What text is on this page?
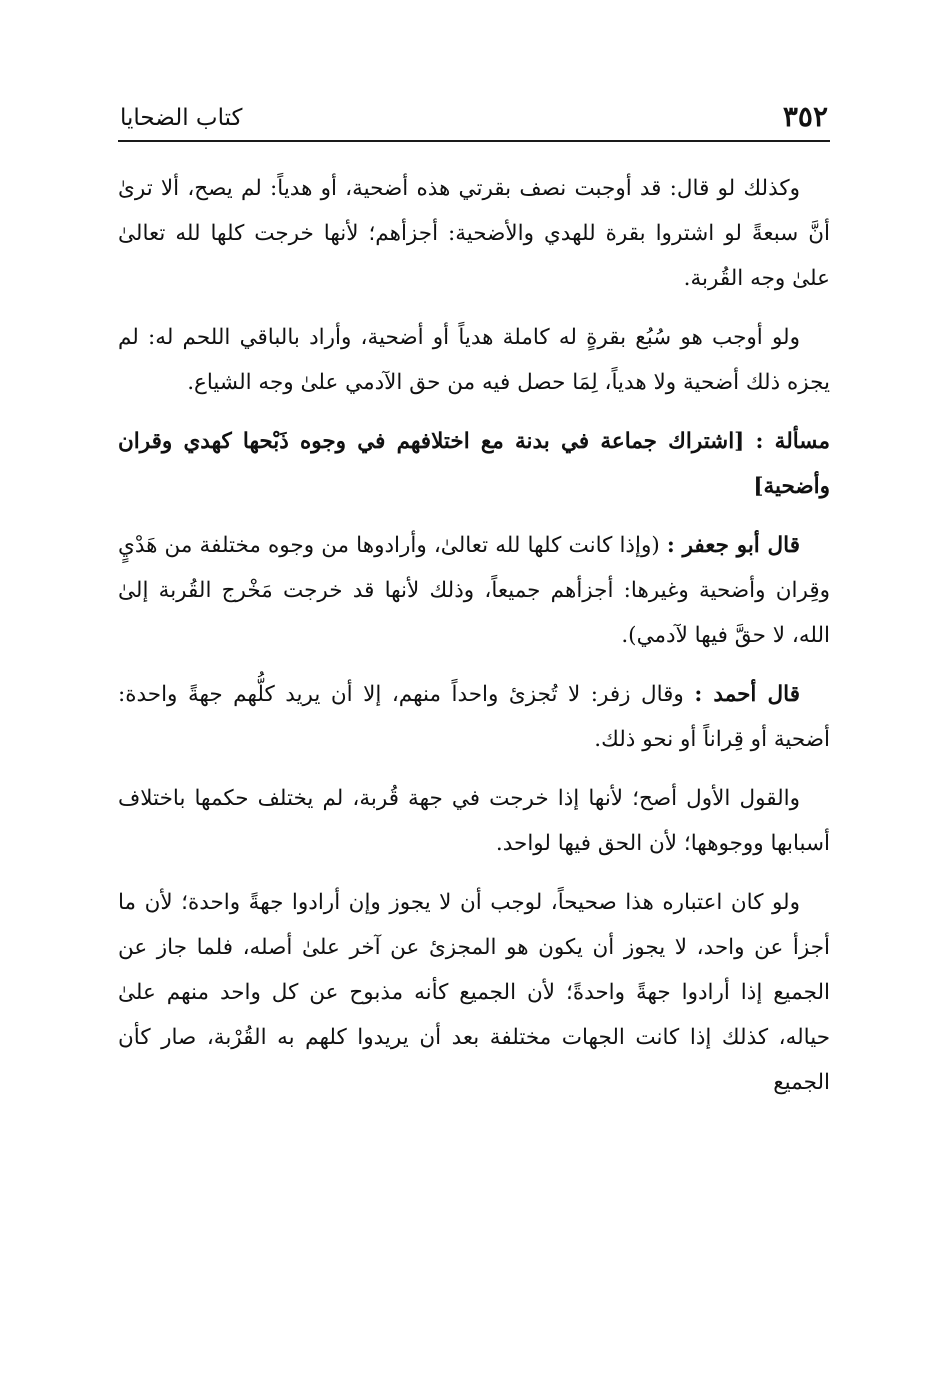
٣٥٢
كتاب الضحايا

وكذلك لو قال: قد أوجبت نصف بقرتي هذه أضحية، أو هدياً: لم يصح، ألا ترىٰ أنَّ سبعةً لو اشتروا بقرة للهدي والأضحية: أجزأهم؛ لأنها خرجت كلها لله تعالىٰ علىٰ وجه القُربة.

ولو أوجب هو سُبُع بقرةٍ له كاملة هدياً أو أضحية، وأراد بالباقي اللحم له: لم يجزه ذلك أضحية ولا هدياً، لِمَا حصل فيه من حق الآدمي علىٰ وجه الشياع.

مسألة : [اشتراك جماعة في بدنة مع اختلافهم في وجوه ذَبْحها كهدي وقران وأضحية]

قال أبو جعفر : (وإذا كانت كلها لله تعالىٰ، وأرادوها من وجوه مختلفة من هَدْيٍ وقِران وأضحية وغيرها: أجزأهم جميعاً، وذلك لأنها قد خرجت مَخْرج القُربة إلىٰ الله، لا حقَّ فيها لآدمي).

قال أحمد : وقال زفر: لا تُجزئ واحداً منهم، إلا أن يريد كلُّهم جهةً واحدة: أضحية أو قِراناً أو نحو ذلك.

والقول الأول أصح؛ لأنها إذا خرجت في جهة قُربة، لم يختلف حكمها باختلاف أسبابها ووجوهها؛ لأن الحق فيها لواحد.

ولو كان اعتباره هذا صحيحاً، لوجب أن لا يجوز وإن أرادوا جهةً واحدة؛ لأن ما أجزأ عن واحد، لا يجوز أن يكون هو المجزئ عن آخر علىٰ أصله، فلما جاز عن الجميع إذا أرادوا جهةً واحدةً؛ لأن الجميع كأنه مذبوح عن كل واحد منهم علىٰ حياله، كذلك إذا كانت الجهات مختلفة بعد أن يريدوا كلهم به القُرْبة، صار كأن الجميع
